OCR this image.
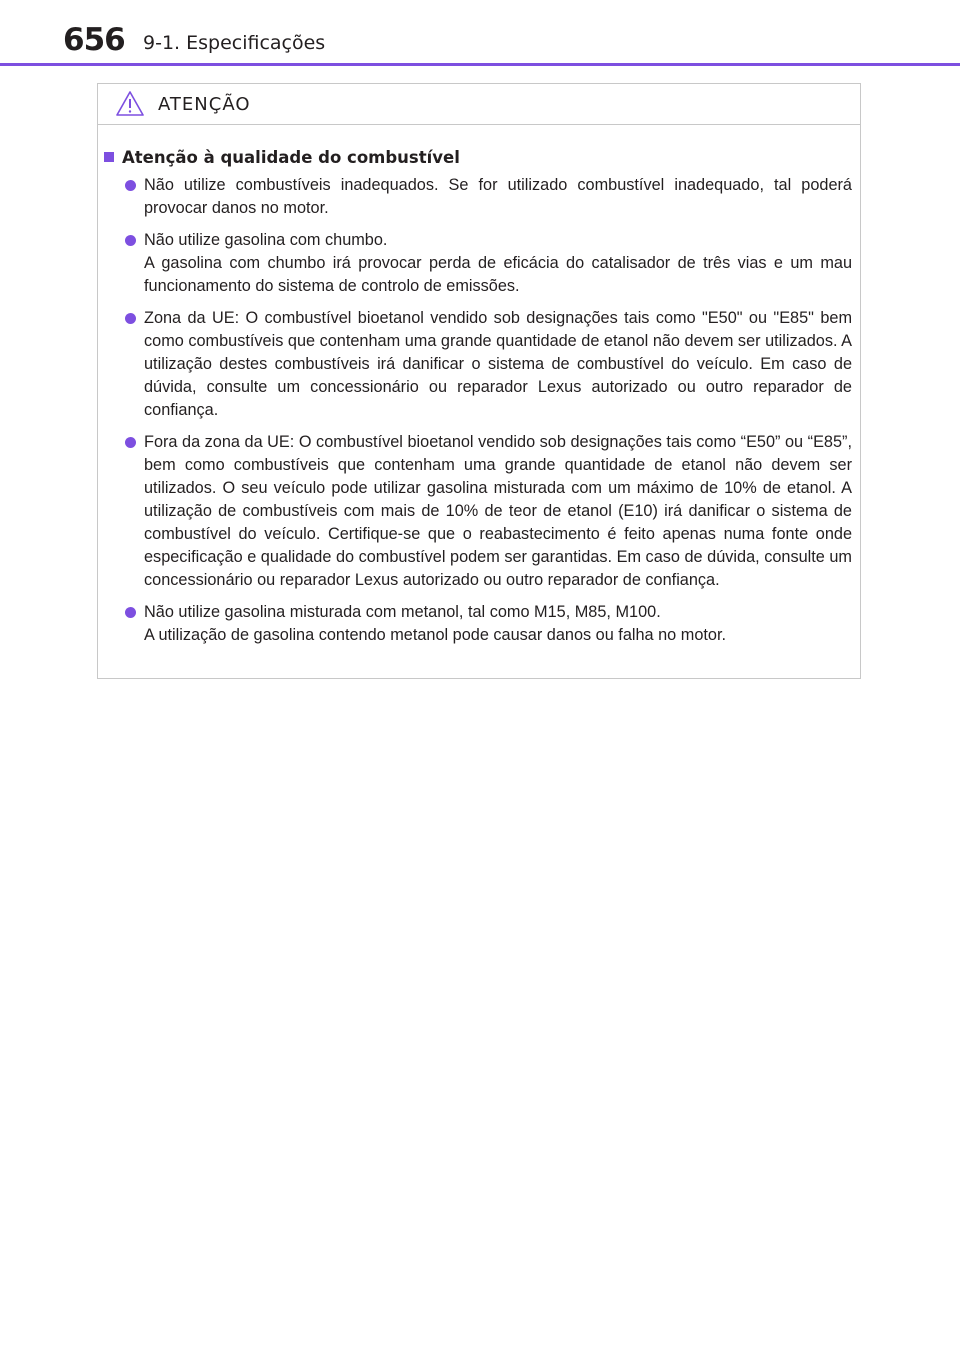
656 9-1. Especificações
ATENÇÃO
Atenção à qualidade do combustível
Não utilize combustíveis inadequados. Se for utilizado combustível inadequado, tal poderá provocar danos no motor.
Não utilize gasolina com chumbo.
A gasolina com chumbo irá provocar perda de eficácia do catalisador de três vias e um mau funcionamento do sistema de controlo de emissões.
Zona da UE: O combustível bioetanol vendido sob designações tais como "E50" ou "E85" bem como combustíveis que contenham uma grande quantidade de etanol não devem ser utilizados. A utilização destes combustíveis irá danificar o sistema de combustível do veículo. Em caso de dúvida, consulte um concessionário ou reparador Lexus autorizado ou outro reparador de confiança.
Fora da zona da UE: O combustível bioetanol vendido sob designações tais como “E50” ou “E85”, bem como combustíveis que contenham uma grande quantidade de etanol não devem ser utilizados. O seu veículo pode utilizar gasolina misturada com um máximo de 10% de etanol. A utilização de combustíveis com mais de 10% de teor de etanol (E10) irá danificar o sistema de combustível do veículo. Certifique-se que o reabastecimento é feito apenas numa fonte onde especificação e qualidade do combustível podem ser garantidas. Em caso de dúvida, consulte um concessionário ou reparador Lexus autorizado ou outro reparador de confiança.
Não utilize gasolina misturada com metanol, tal como M15, M85, M100.
A utilização de gasolina contendo metanol pode causar danos ou falha no motor.
